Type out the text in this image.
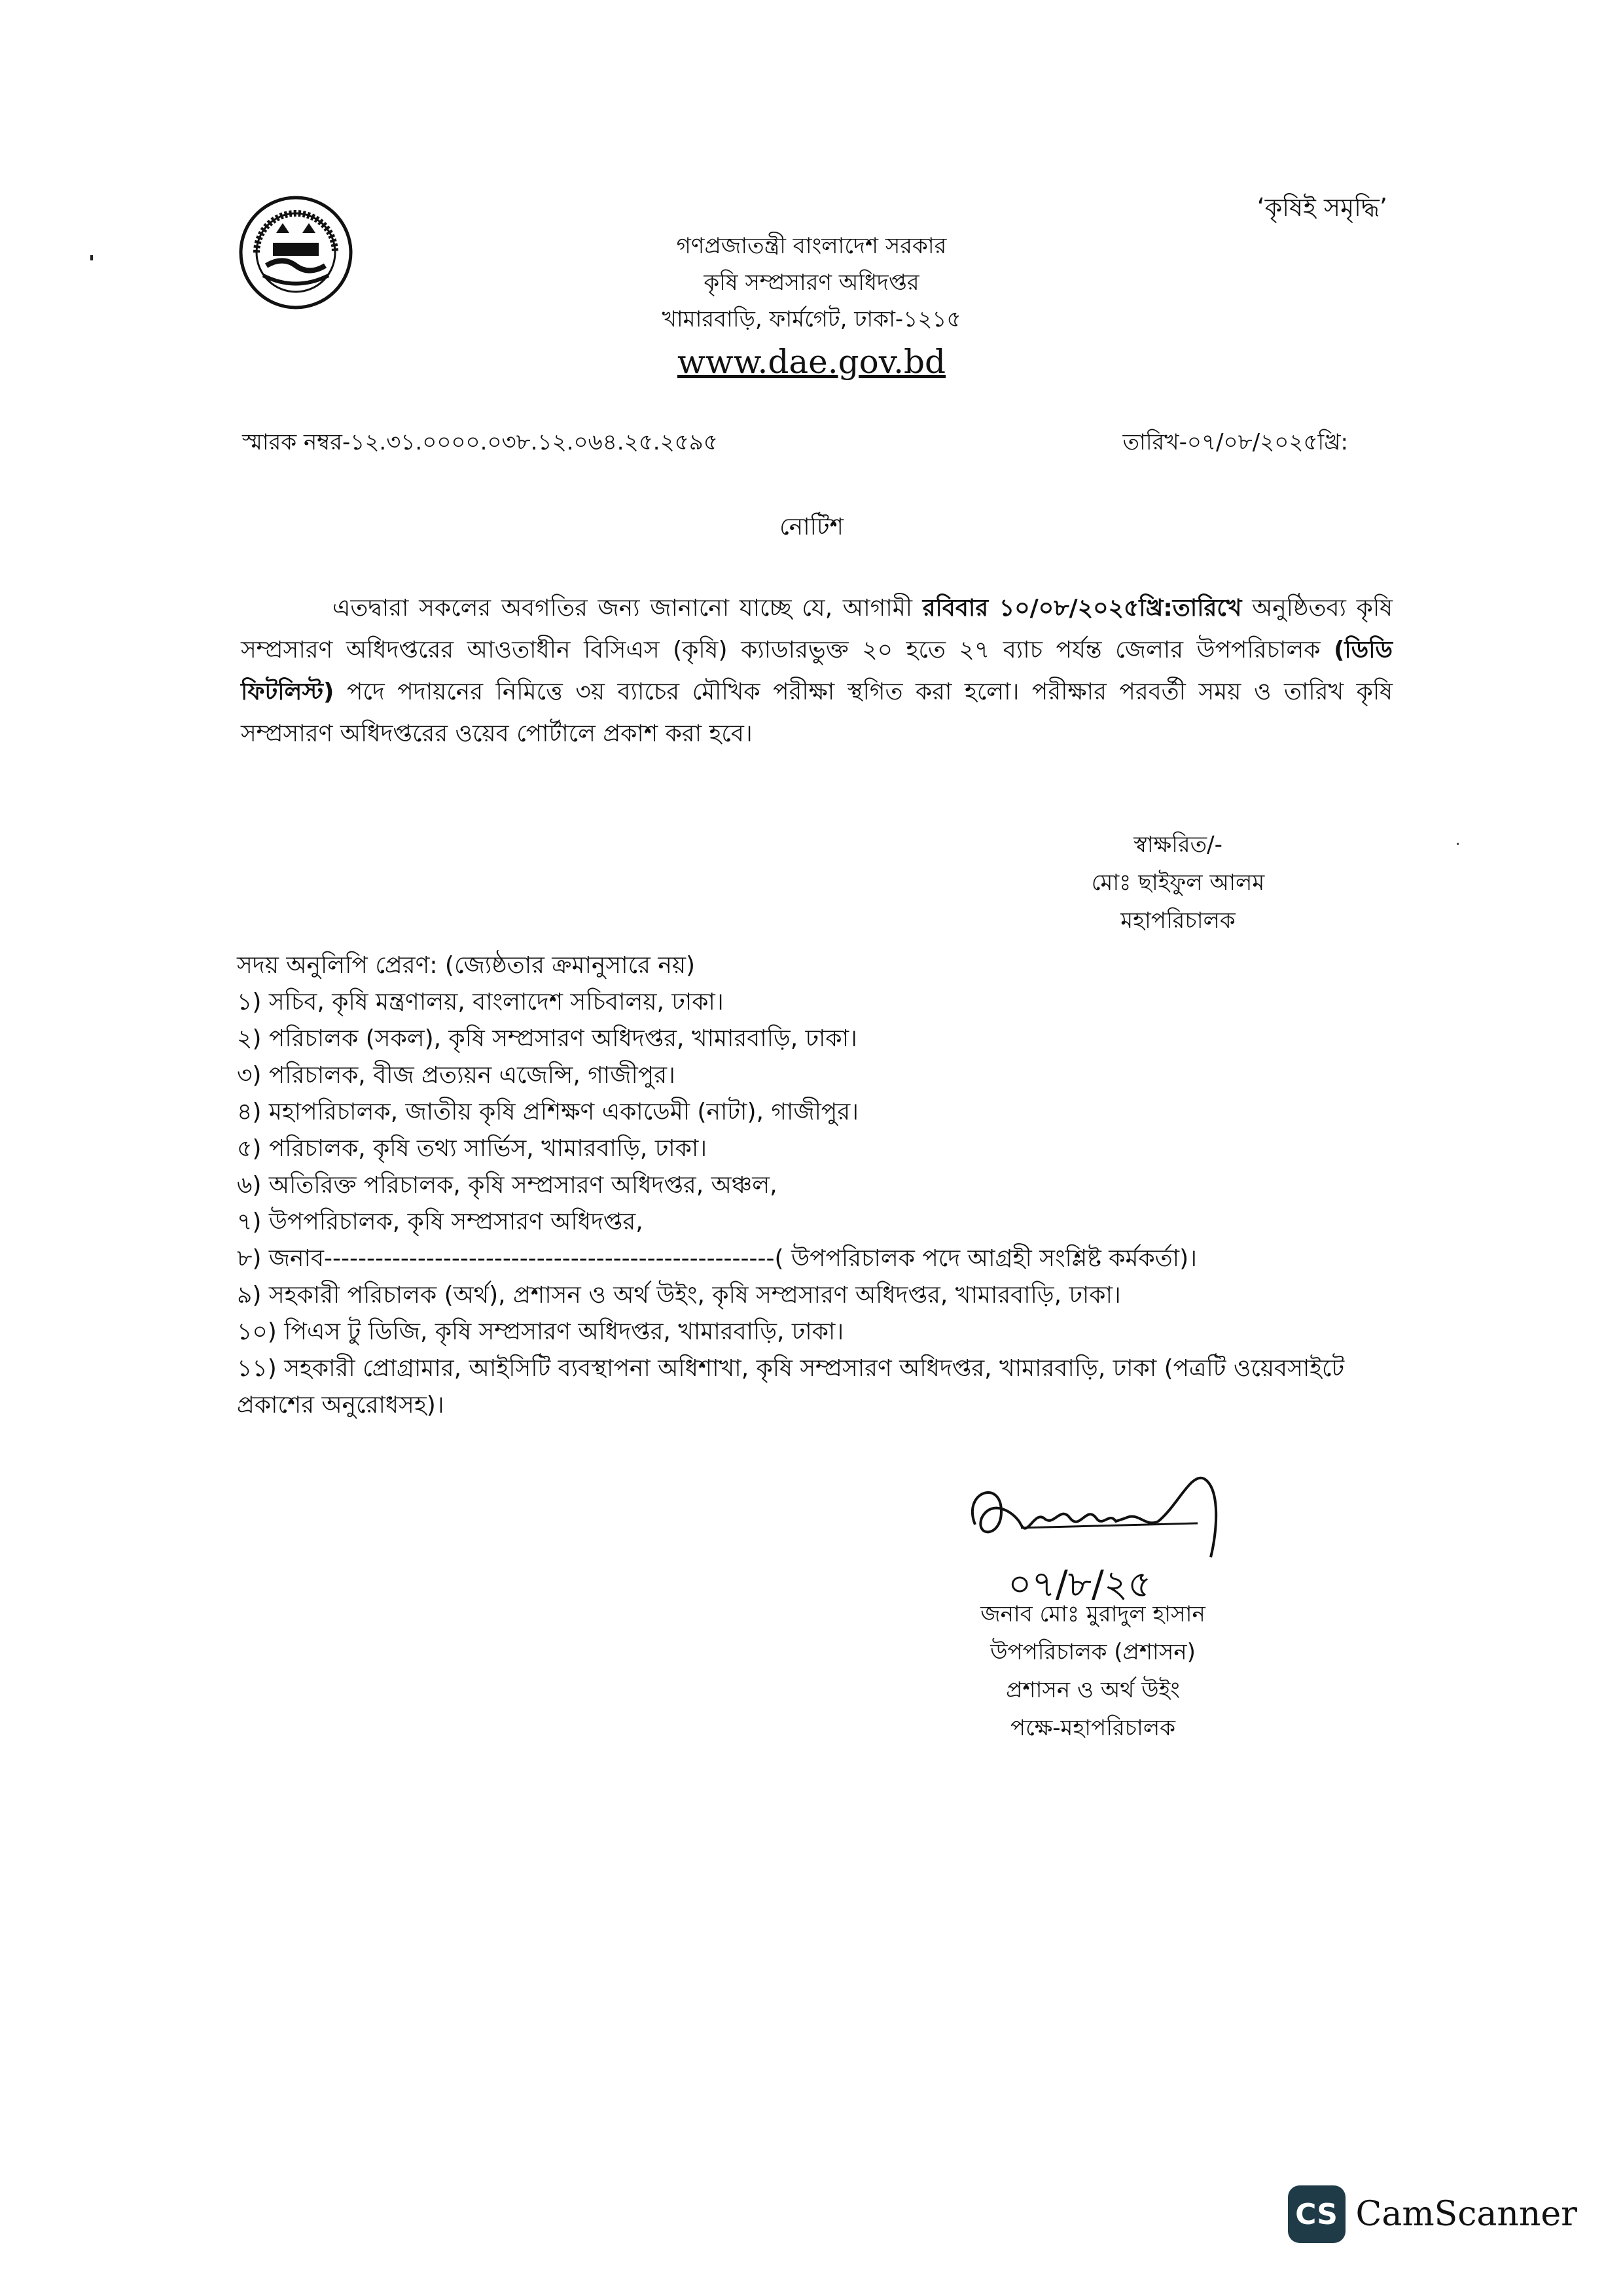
‘কৃষিই সমৃদ্ধি’
গণপ্রজাতন্ত্রী বাংলাদেশ সরকার
কৃষি সম্প্রসারণ অধিদপ্তর
খামারবাড়ি, ফার্মগেট, ঢাকা-১২১৫
www.dae.gov.bd
স্মারক নম্বর-১২.৩১.০০০০.০৩৮.১২.০৬৪.২৫.২৫৯৫	তারিখ-০৭/০৮/২০২৫খ্রি:
নোটিশ
এতদ্বারা সকলের অবগতির জন্য জানানো যাচ্ছে যে, আগামী রবিবার ১০/০৮/২০২৫খ্রি:তারিখে অনুষ্ঠিতব্য কৃষি সম্প্রসারণ অধিদপ্তরের আওতাধীন বিসিএস (কৃষি) ক্যাডারভুক্ত ২০ হতে ২৭ ব্যাচ পর্যন্ত জেলার উপপরিচালক (ডিডি ফিটলিস্ট) পদে পদায়নের নিমিত্তে ৩য় ব্যাচের মৌখিক পরীক্ষা স্থগিত করা হলো। পরীক্ষার পরবর্তী সময় ও তারিখ কৃষি সম্প্রসারণ অধিদপ্তরের ওয়েব পোর্টালে প্রকাশ করা হবে।
স্বাক্ষরিত/-
মোঃ ছাইফুল আলম
মহাপরিচালক
সদয় অনুলিপি প্রেরণ: (জ্যেষ্ঠতার ক্রমানুসারে নয়)
১) সচিব, কৃষি মন্ত্রণালয়, বাংলাদেশ সচিবালয়, ঢাকা।
২) পরিচালক (সকল), কৃষি সম্প্রসারণ অধিদপ্তর, খামারবাড়ি, ঢাকা।
৩) পরিচালক, বীজ প্রত্যয়ন এজেন্সি, গাজীপুর।
৪) মহাপরিচালক, জাতীয় কৃষি প্রশিক্ষণ একাডেমী (নাটা), গাজীপুর।
৫) পরিচালক, কৃষি তথ্য সার্ভিস, খামারবাড়ি, ঢাকা।
৬) অতিরিক্ত পরিচালক, কৃষি সম্প্রসারণ অধিদপ্তর, অঞ্চল,
৭) উপপরিচালক, কৃষি সম্প্রসারণ অধিদপ্তর,
৮) জনাব-----------------------------------------------------( উপপরিচালক পদে আগ্রহী সংশ্লিষ্ট কর্মকর্তা)।
৯) সহকারী পরিচালক (অর্থ), প্রশাসন ও অর্থ উইং, কৃষি সম্প্রসারণ অধিদপ্তর, খামারবাড়ি, ঢাকা।
১০) পিএস টু ডিজি, কৃষি সম্প্রসারণ অধিদপ্তর, খামারবাড়ি, ঢাকা।
১১) সহকারী প্রোগ্রামার, আইসিটি ব্যবস্থাপনা অধিশাখা, কৃষি সম্প্রসারণ অধিদপ্তর, খামারবাড়ি, ঢাকা (পত্রটি ওয়েবসাইটে প্রকাশের অনুরোধসহ)।
০৭/৮/২৫
জনাব মোঃ মুরাদুল হাসান
উপপরিচালক (প্রশাসন)
প্রশাসন ও অর্থ উইং
পক্ষে-মহাপরিচালক
CS CamScanner
